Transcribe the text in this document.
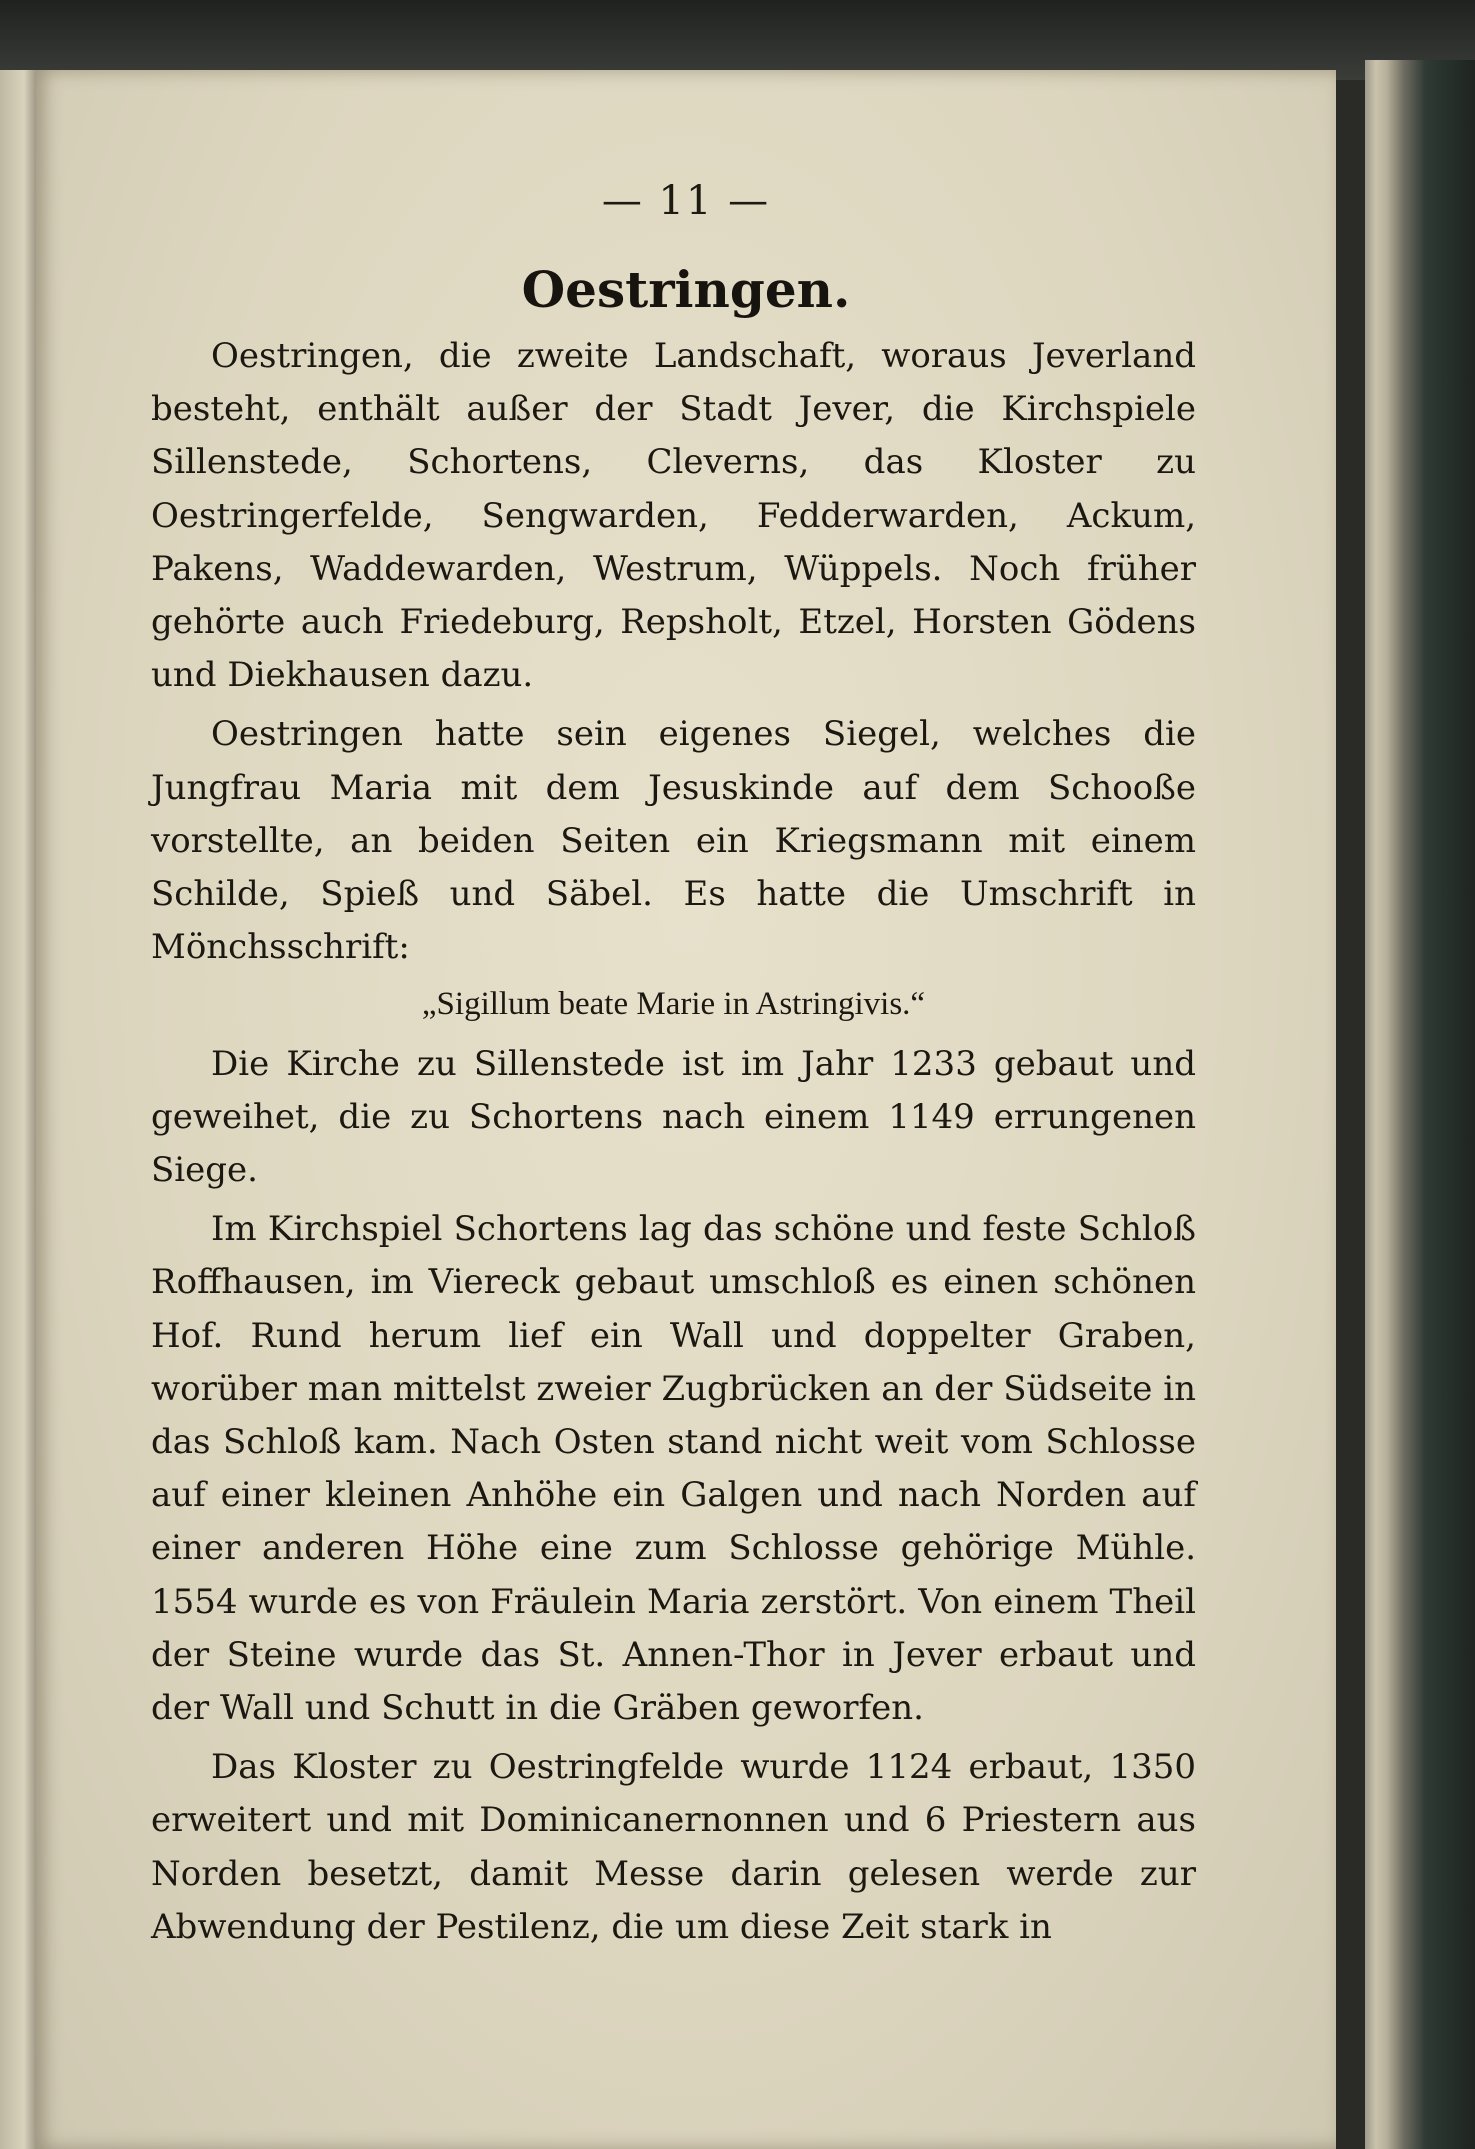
— 11 —
Oestringen.

Oestringen, die zweite Landschaft, woraus Jeverland besteht, enthält außer der Stadt Jever, die Kirchspiele Sillenstede, Schortens, Cleverns, das Kloster zu Oestringerfelde, Sengwarden, Fedderwarden, Ackum, Pakens, Waddewarden, Westrum, Wüppels. Noch früher gehörte auch Friedeburg, Repsholt, Etzel, Horsten Gödens und Diekhausen dazu.

Oestringen hatte sein eigenes Siegel, welches die Jungfrau Maria mit dem Jesuskinde auf dem Schooße vorstellte, an beiden Seiten ein Kriegsmann mit einem Schilde, Spieß und Säbel. Es hatte die Umschrift in Mönchsschrift:

„Sigillum beate Marie in Astringivis.“

Die Kirche zu Sillenstede ist im Jahr 1233 gebaut und geweihet, die zu Schortens nach einem 1149 errungenen Siege.

Im Kirchspiel Schortens lag das schöne und feste Schloß Roffhausen, im Viereck gebaut umschloß es einen schönen Hof. Rund herum lief ein Wall und doppelter Graben, worüber man mittelst zweier Zugbrücken an der Südseite in das Schloß kam. Nach Osten stand nicht weit vom Schlosse auf einer kleinen Anhöhe ein Galgen und nach Norden auf einer anderen Höhe eine zum Schlosse gehörige Mühle. 1554 wurde es von Fräulein Maria zerstört. Von einem Theil der Steine wurde das St. Annen-Thor in Jever erbaut und der Wall und Schutt in die Gräben geworfen.

Das Kloster zu Oestringfelde wurde 1124 erbaut, 1350 erweitert und mit Dominicanernonnen und 6 Priestern aus Norden besetzt, damit Messe darin gelesen werde zur Abwendung der Pestilenz, die um diese Zeit stark in
